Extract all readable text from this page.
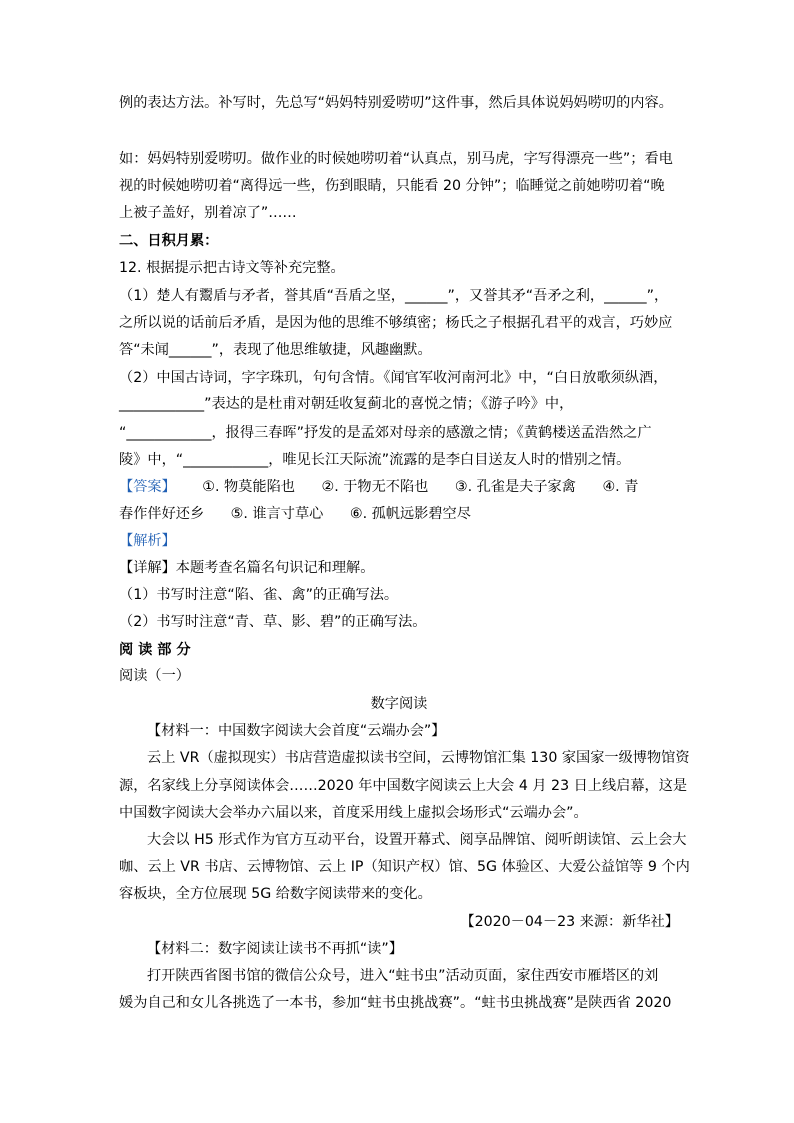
例的表达方法。补写时，先总写“妈妈特别爱唠叨”这件事，然后具体说妈妈唠叨的内容。
如：妈妈特别爱唠叨。做作业的时候她唠叨着“认真点，别马虎，字写得漂亮一些”；看电
视的时候她唠叨着“离得远一些，伤到眼睛，只能看 20 分钟”；临睡觉之前她唠叨着“晚
上被子盖好，别着凉了”……
二、日积月累：
12. 根据提示把古诗文等补充完整。
（1）楚人有鬻盾与矛者，誉其盾“吾盾之坚，______”，又誉其矛“吾矛之利，______”，
之所以说的话前后矛盾，是因为他的思维不够缜密；杨氏之子根据孔君平的戏言，巧妙应
答“未闻______”，表现了他思维敏捷，风趣幽默。
（2）中国古诗词，字字珠玑，句句含情。《闻官军收河南河北》中，“白日放歌须纵酒，
____________”表达的是杜甫对朝廷收复蓟北的喜悦之情；《游子吟》中，
“____________，报得三春晖”抒发的是孟郊对母亲的感激之情；《黄鹤楼送孟浩然之广
陵》中，“____________，唯见长江天际流”流露的是李白目送友人时的惜别之情。
【答案】 ①. 物莫能陷也 ②. 于物无不陷也 ③. 孔雀是夫子家禽 ④. 青
春作伴好还乡 ⑤. 谁言寸草心 ⑥. 孤帆远影碧空尽
【解析】
【详解】本题考查名篇名句识记和理解。
（1）书写时注意“陷、雀、禽”的正确写法。
（2）书写时注意“青、草、影、碧”的正确写法。
阅 读 部 分
阅读（一）
数字阅读
【材料一：中国数字阅读大会首度“云端办会”】
云上 VR（虚拟现实）书店营造虚拟读书空间，云博物馆汇集 130 家国家一级博物馆资
源，名家线上分享阅读体会……2020 年中国数字阅读云上大会 4 月 23 日上线启幕，这是
中国数字阅读大会举办六届以来，首度采用线上虚拟会场形式“云端办会”。
大会以 H5 形式作为官方互动平台，设置开幕式、阅享品牌馆、阅听朗读馆、云上会大
咖、云上 VR 书店、云博物馆、云上 IP（知识产权）馆、5G 体验区、大爱公益馆等 9 个内
容板块，全方位展现 5G 给数字阅读带来的变化。
【2020－04－23 来源：新华社】
【材料二：数字阅读让读书不再抓“读”】
打开陕西省图书馆的微信公众号，进入“蛀书虫”活动页面，家住西安市雁塔区的刘
媛为自己和女儿各挑选了一本书，参加“蛀书虫挑战赛”。“蛀书虫挑战赛”是陕西省 2020
